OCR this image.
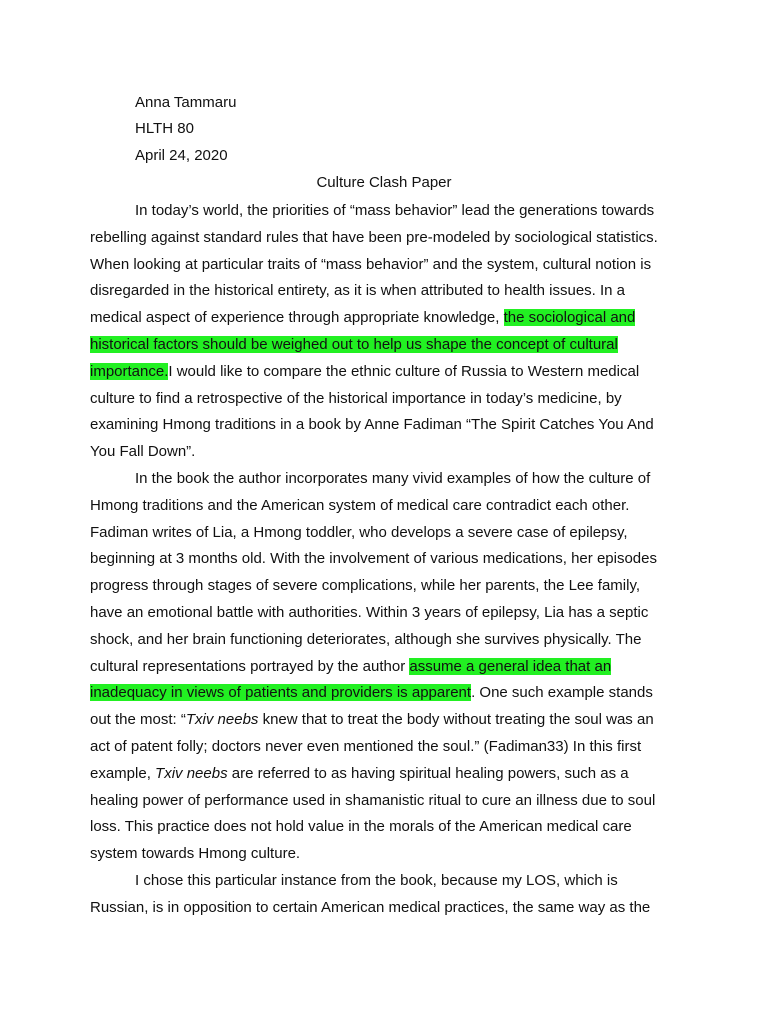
Anna Tammaru
HLTH 80
April 24, 2020
Culture Clash Paper

In today’s world, the priorities of “mass behavior” lead the generations towards rebelling against standard rules that have been pre-modeled by sociological statistics. When looking at particular traits of “mass behavior” and the system, cultural notion is disregarded in the historical entirety, as it is when attributed to health issues. In a medical aspect of experience through appropriate knowledge, the sociological and historical factors should be weighed out to help us shape the concept of cultural importance.I would like to compare the ethnic culture of Russia to Western medical culture to find a retrospective of the historical importance in today’s medicine, by examining Hmong traditions in a book by Anne Fadiman “The Spirit Catches You And You Fall Down”.

In the book the author incorporates many vivid examples of how the culture of Hmong traditions and the American system of medical care contradict each other. Fadiman writes of Lia, a Hmong toddler, who develops a severe case of epilepsy, beginning at 3 months old. With the involvement of various medications, her episodes progress through stages of severe complications, while her parents, the Lee family, have an emotional battle with authorities. Within 3 years of epilepsy, Lia has a septic shock, and her brain functioning deteriorates, although she survives physically. The cultural representations portrayed by the author assume a general idea that an inadequacy in views of patients and providers is apparent. One such example stands out the most: “Txiv neebs knew that to treat the body without treating the soul was an act of patent folly; doctors never even mentioned the soul.” (Fadiman33) In this first example, Txiv neebs are referred to as having spiritual healing powers, such as a healing power of performance used in shamanistic ritual to cure an illness due to soul loss. This practice does not hold value in the morals of the American medical care system towards Hmong culture.

I chose this particular instance from the book, because my LOS, which is Russian, is in opposition to certain American medical practices, the same way as the
